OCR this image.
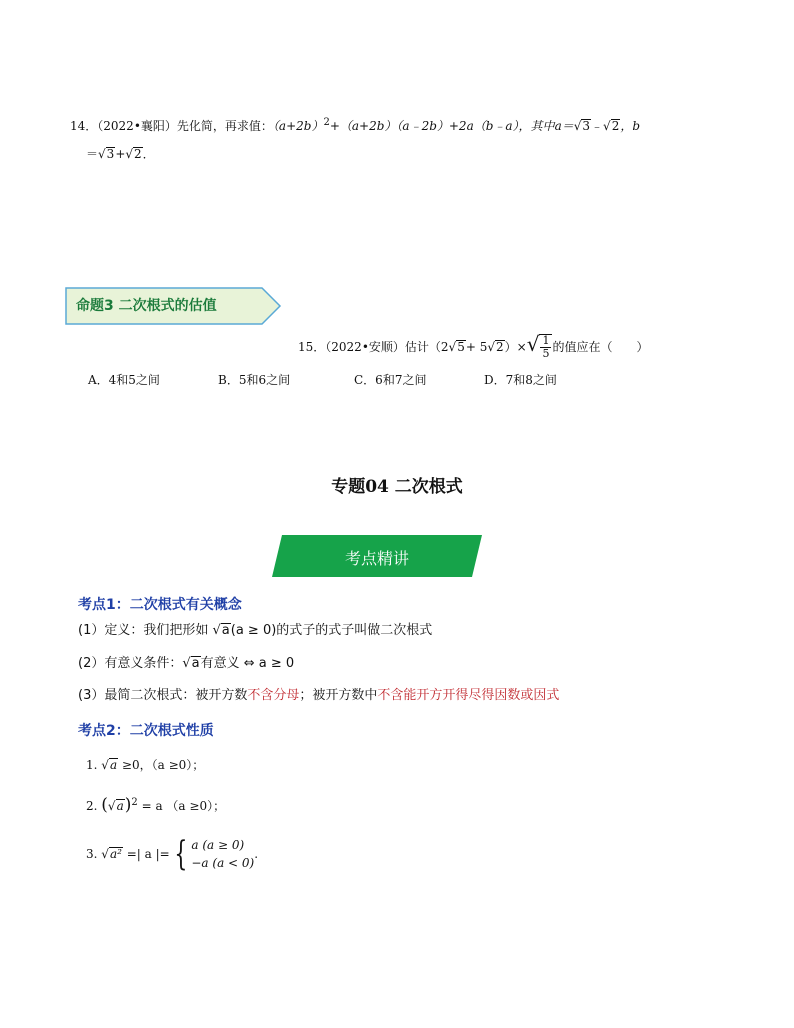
14．（2022•襄阳）先化简，再求值：$(a+2b)^2+(a+2b)(a﹣2b)+2a(b﹣a)$，其中a＝√3﹣√2，b
＝√3+√2．
命题3 二次根式的估值
15．（2022•安顺）估计$(2√5+ 5√2)\times√ \frac{1}{5}$ 的值应在（　　）
A．4和5之间	B．5和6之间	C．6和7之间	D．7和8之间
专题04 二次根式
考点精讲
考点1：二次根式有关概念
(1）定义：我们把形如 √a(a ≥ 0)的式子的式子叫做二次根式
(2）有意义条件：√a有意义 ⇔ a ≥ 0
(3）最简二次根式：被开方数不含分母；被开方数中不含能开方开得尽得因数或因式
考点2：二次根式性质
1. √a ≥0，（a ≥0）；
2. $(√a)^2 = a$ （a ≥0）；
3. √a² =| a |= { a (a ≥ 0)
−a (a < 0)
.
